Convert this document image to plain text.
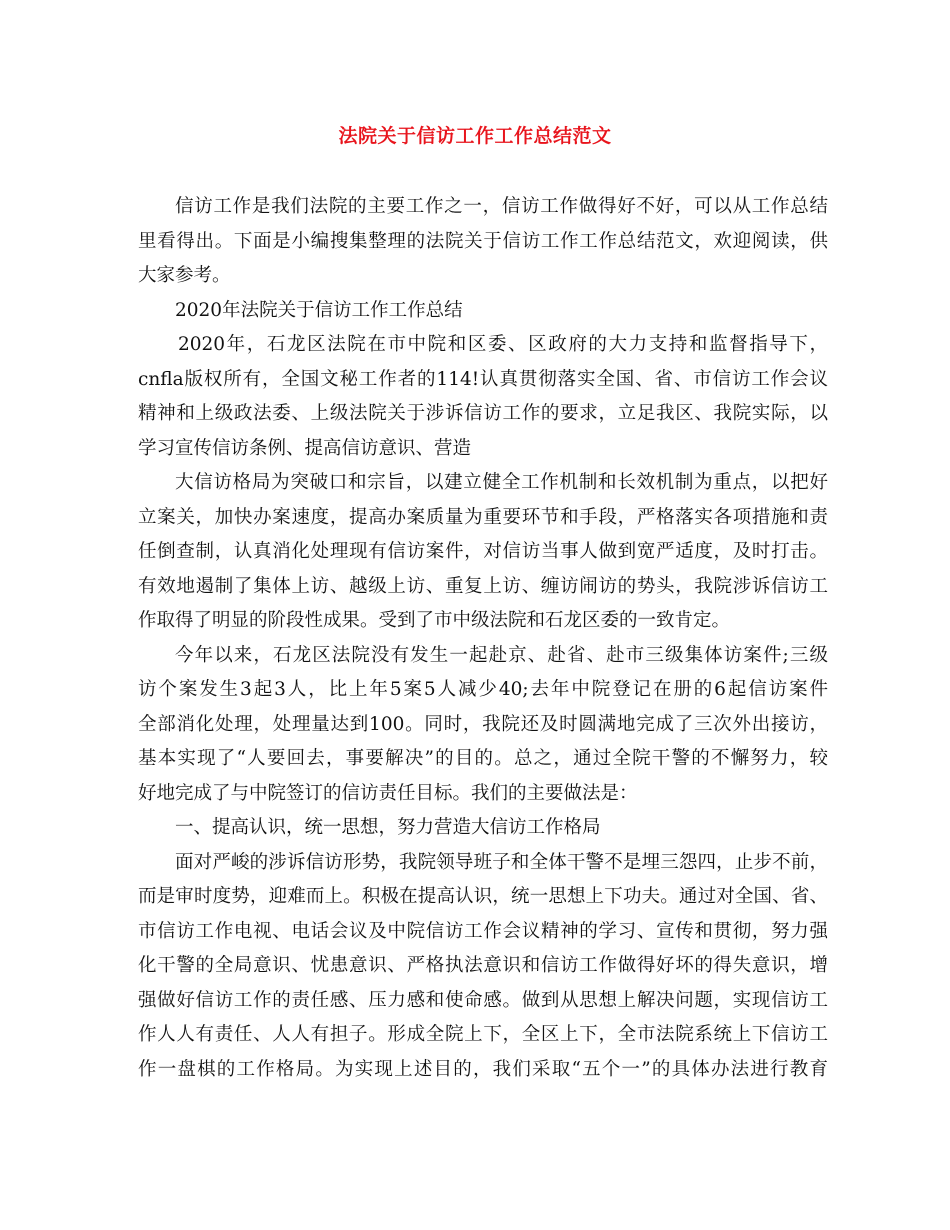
法院关于信访工作工作总结范文
信访工作是我们法院的主要工作之一，信访工作做得好不好，可以从工作总结
里看得出。下面是小编搜集整理的法院关于信访工作工作总结范文，欢迎阅读，供
大家参考。
2020年法院关于信访工作工作总结
2020年，石龙区法院在市中院和区委、区政府的大力支持和监督指导下，
cnfla版权所有，全国文秘工作者的114!认真贯彻落实全国、省、市信访工作会议
精神和上级政法委、上级法院关于涉诉信访工作的要求，立足我区、我院实际，以
学习宣传信访条例、提高信访意识、营造
大信访格局为突破口和宗旨，以建立健全工作机制和长效机制为重点，以把好
立案关，加快办案速度，提高办案质量为重要环节和手段，严格落实各项措施和责
任倒查制，认真消化处理现有信访案件，对信访当事人做到宽严适度，及时打击。
有效地遏制了集体上访、越级上访、重复上访、缠访闹访的势头，我院涉诉信访工
作取得了明显的阶段性成果。受到了市中级法院和石龙区委的一致肯定。
今年以来，石龙区法院没有发生一起赴京、赴省、赴市三级集体访案件;三级
访个案发生3起3人，比上年5案5人减少40;去年中院登记在册的6起信访案件
全部消化处理，处理量达到100。同时，我院还及时圆满地完成了三次外出接访，
基本实现了“人要回去，事要解决”的目的。总之，通过全院干警的不懈努力，较
好地完成了与中院签订的信访责任目标。我们的主要做法是：
一、提高认识，统一思想，努力营造大信访工作格局
面对严峻的涉诉信访形势，我院领导班子和全体干警不是埋三怨四，止步不前，
而是审时度势，迎难而上。积极在提高认识，统一思想上下功夫。通过对全国、省、
市信访工作电视、电话会议及中院信访工作会议精神的学习、宣传和贯彻，努力强
化干警的全局意识、忧患意识、严格执法意识和信访工作做得好坏的得失意识，增
强做好信访工作的责任感、压力感和使命感。做到从思想上解决问题，实现信访工
作人人有责任、人人有担子。形成全院上下，全区上下，全市法院系统上下信访工
作一盘棋的工作格局。为实现上述目的，我们采取“五个一”的具体办法进行教育
